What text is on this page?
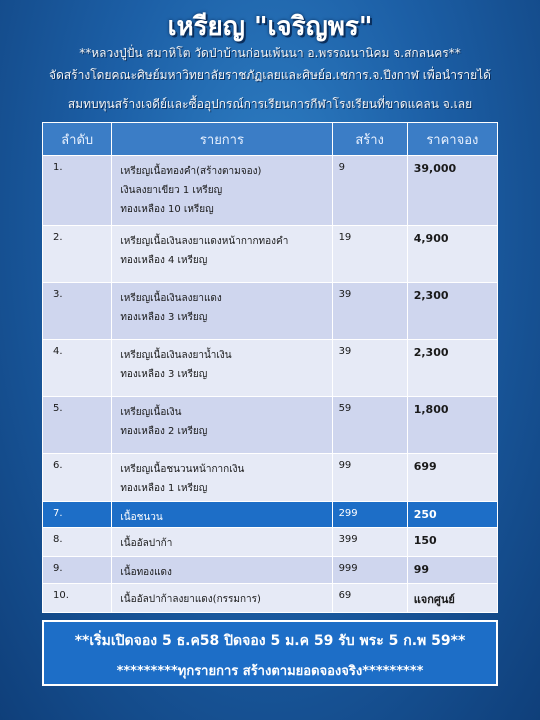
เหรียญ "เจริญพร"
**หลวงปู่ปั่น สมาหิโต วัดป่าบ้านก่อนเพ้นนา อ.พรรณนานิคม จ.สกลนคร**
จัดสร้างโดยคณะศิษย์มหาวิทยาลัยราชภัฏเลยและศิษย์อ.เชการ.จ.ปีงกาฬ เพื่อนำรายได้
สมทบทุนสร้างเจดีย์และซื้ออุปกรณ์การเรียนการกีฬาโรงเรียนที่ขาดแคลน จ.เลย
ลำดับ	รายการ	สร้าง	ราคาจอง
1.	เหรียญเนื้อทองคำ(สร้างตามจอง)
เงินลงยาเขียว 1 เหรียญ
ทองเหลือง 10 เหรียญ	9	39,000
2.	เหรียญเนื้อเงินลงยาแดงหน้ากากทองคำ
ทองเหลือง 4 เหรียญ	19	4,900
3.	เหรียญเนื้อเงินลงยาแดง
ทองเหลือง 3 เหรียญ	39	2,300
4.	เหรียญเนื้อเงินลงยาน้ำเงิน
ทองเหลือง 3 เหรียญ	39	2,300
5.	เหรียญเนื้อเงิน
ทองเหลือง 2 เหรียญ	59	1,800
6.	เหรียญเนื้อชนวนหน้ากากเงิน
ทองเหลือง 1 เหรียญ	99	699
7.	เนื้อชนวน	299	250
8.	เนื้ออัลปาก้า	399	150
9.	เนื้อทองแดง	999	99
10.	เนื้ออัลปาก้าลงยาแดง(กรรมการ)	69	แจกศูนย์
**เริ่มเปิดจอง 5 ธ.ค58 ปิดจอง 5 ม.ค 59 รับ พระ 5 ก.พ 59**
*********ทุกรายการ สร้างตามยอดจองจริง*********
